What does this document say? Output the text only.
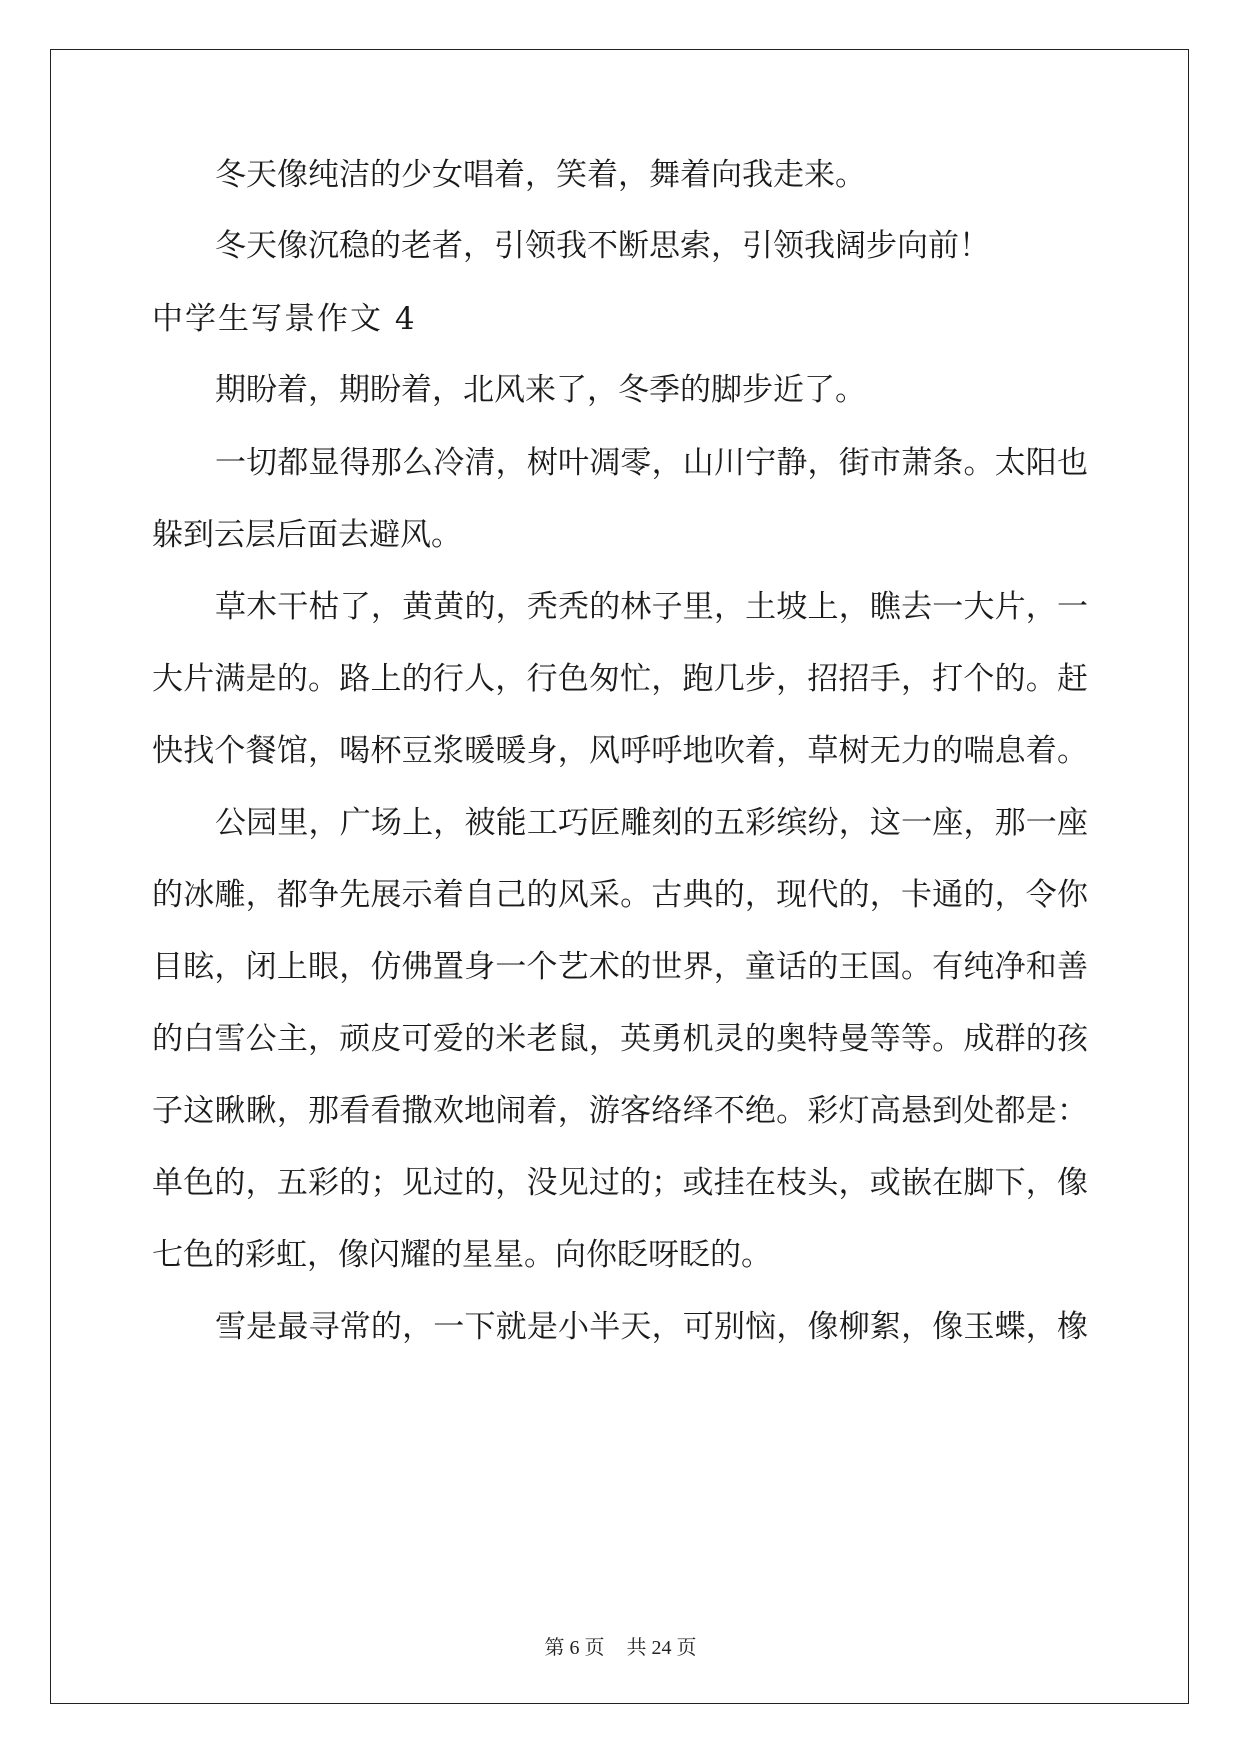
冬天像纯洁的少女唱着，笑着，舞着向我走来。
冬天像沉稳的老者，引领我不断思索，引领我阔步向前！
中学生写景作文 4
期盼着，期盼着，北风来了，冬季的脚步近了。
一切都显得那么冷清，树叶凋零，山川宁静，街市萧条。太阳也
躲到云层后面去避风。
草木干枯了，黄黄的，秃秃的林子里，土坡上，瞧去一大片，一
大片满是的。路上的行人，行色匆忙，跑几步，招招手，打个的。赶
快找个餐馆，喝杯豆浆暖暖身，风呼呼地吹着，草树无力的喘息着。
公园里，广场上，被能工巧匠雕刻的五彩缤纷，这一座，那一座
的冰雕，都争先展示着自己的风采。古典的，现代的，卡通的，令你
目眩，闭上眼，仿佛置身一个艺术的世界，童话的王国。有纯净和善
的白雪公主，顽皮可爱的米老鼠，英勇机灵的奥特曼等等。成群的孩
子这瞅瞅，那看看撒欢地闹着，游客络绎不绝。彩灯高悬到处都是：
单色的，五彩的；见过的，没见过的；或挂在枝头，或嵌在脚下，像
七色的彩虹，像闪耀的星星。向你眨呀眨的。
雪是最寻常的，一下就是小半天，可别恼，像柳絮，像玉蝶，橡
第 6 页 共 24 页
